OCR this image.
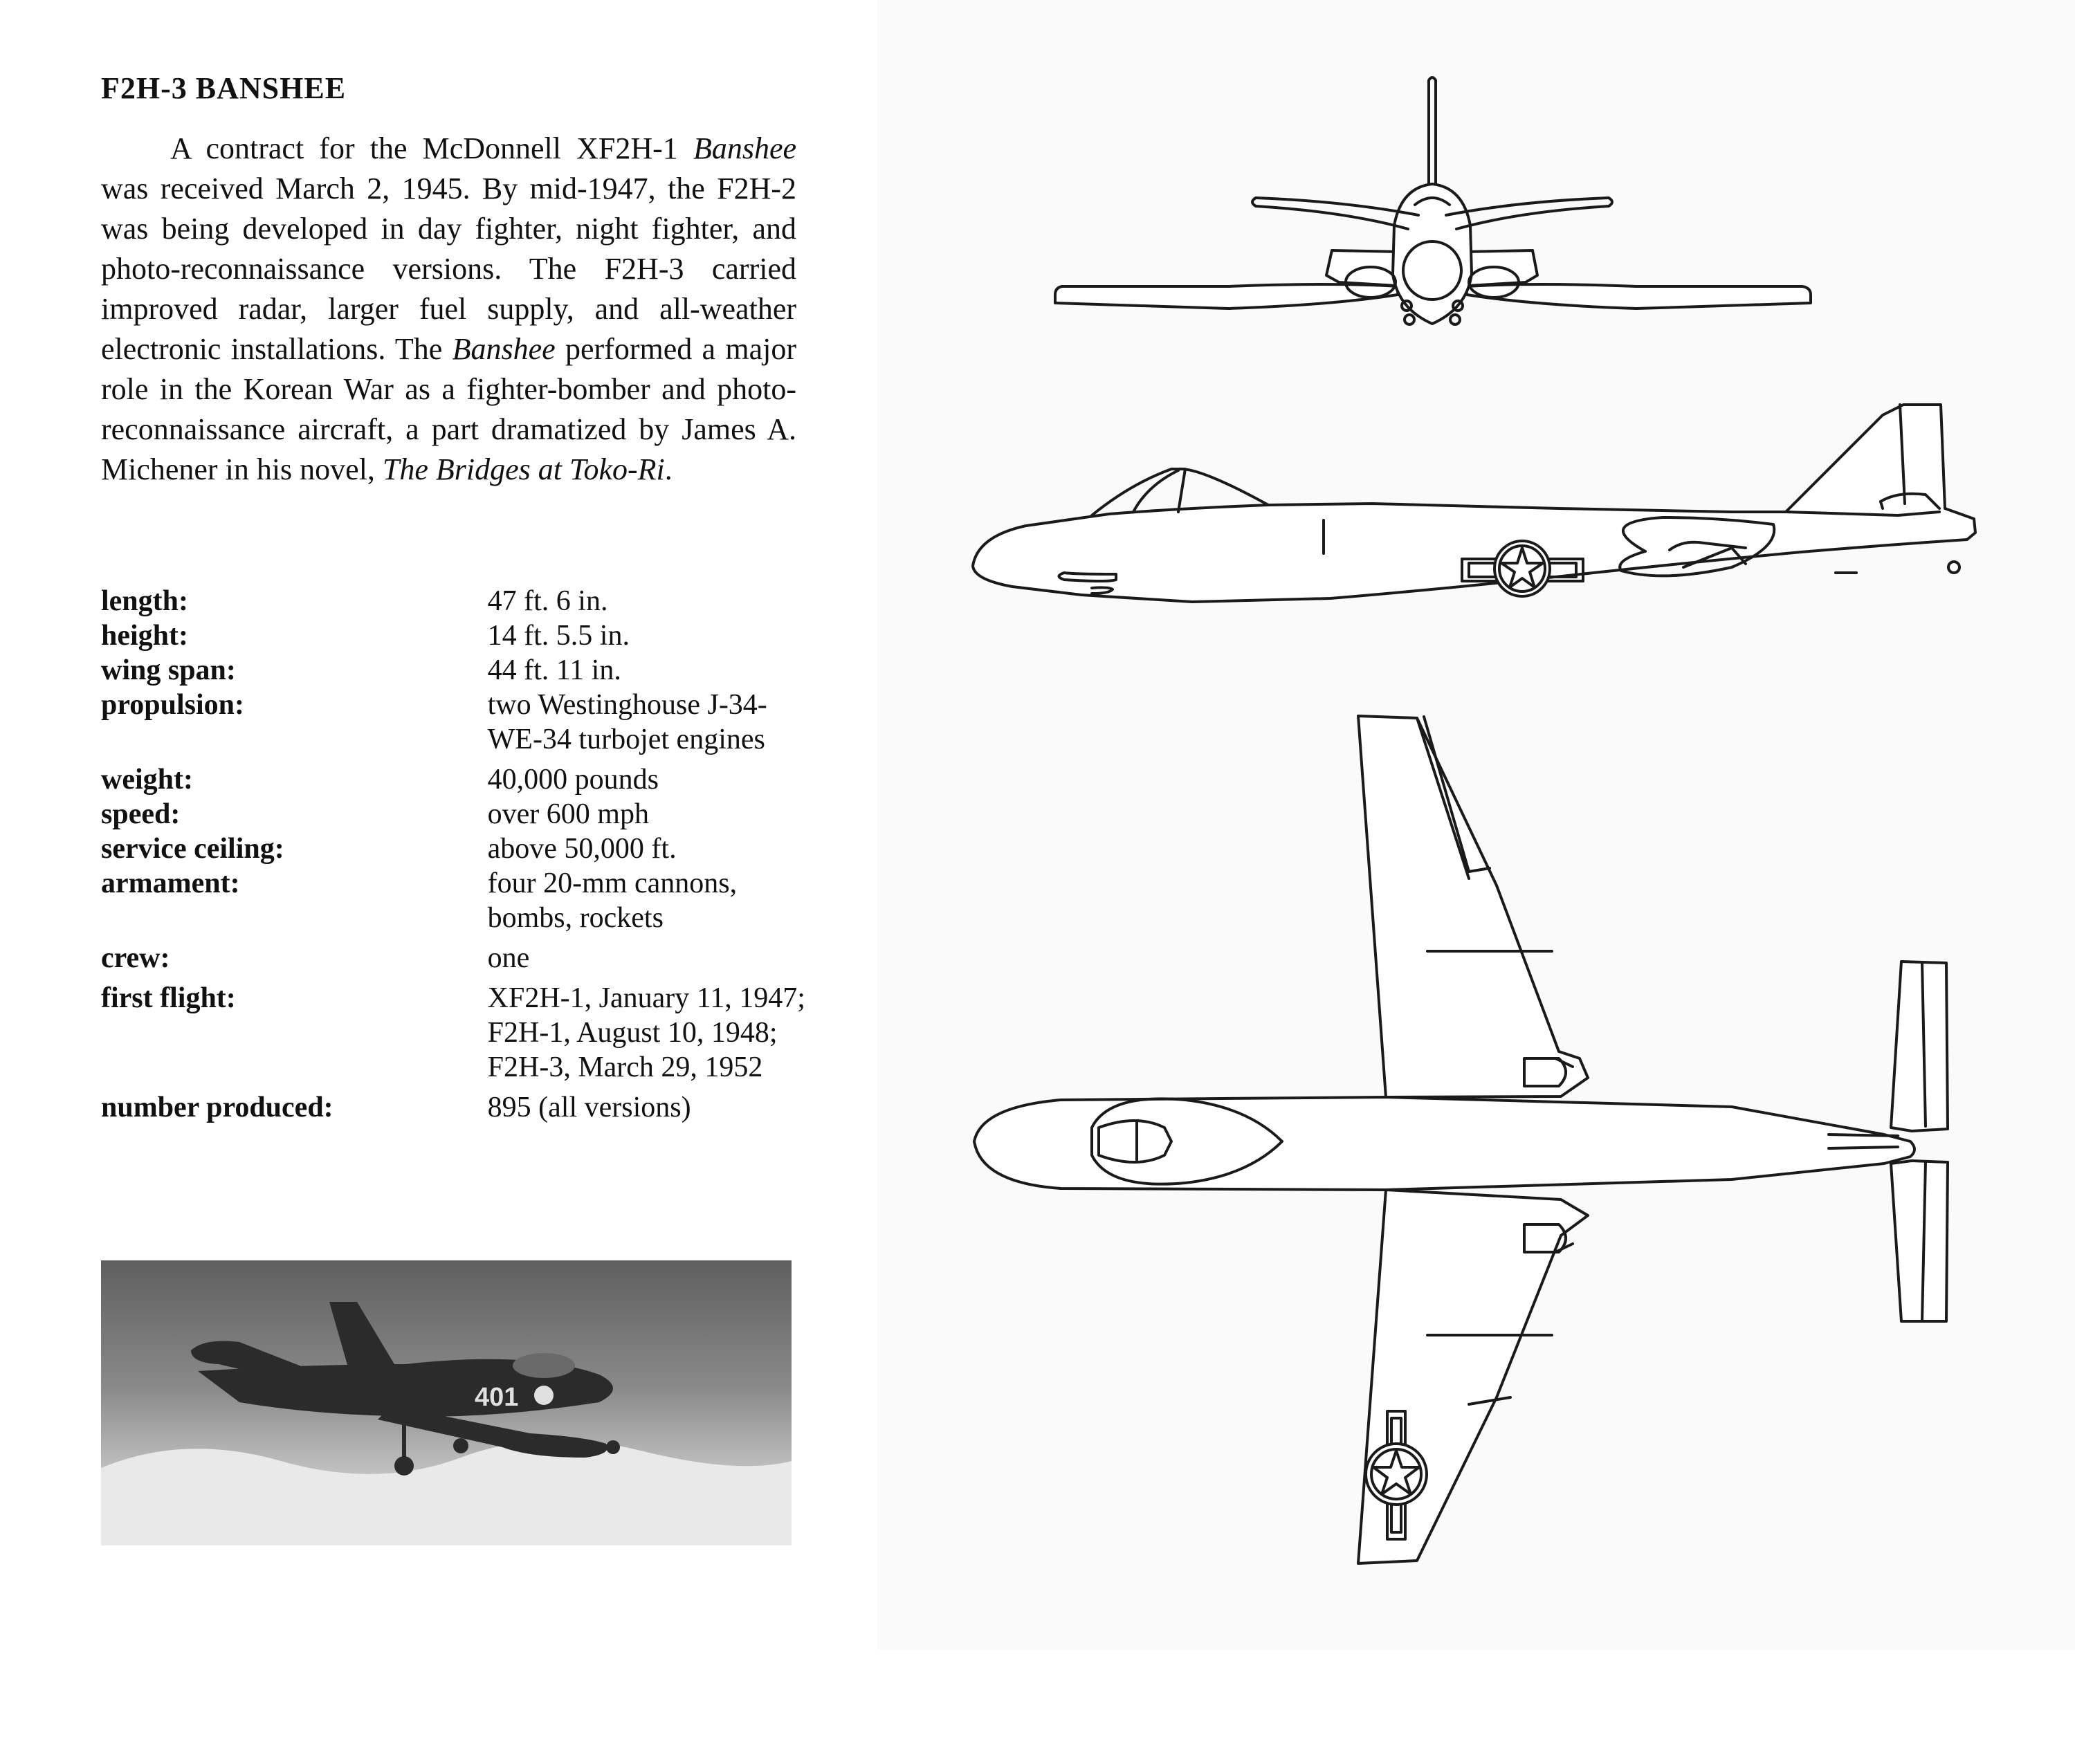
F2H-3 BANSHEE

A contract for the McDonnell XF2H-1 Banshee was received March 2, 1945. By mid-1947, the F2H-2 was being developed in day fighter, night fighter, and photo-reconnaissance versions. The F2H-3 carried improved radar, larger fuel supply, and all-weather electronic installations. The Banshee performed a major role in the Korean War as a fighter-bomber and photo-reconnaissance aircraft, a part dramatized by James A. Michener in his novel, The Bridges at Toko-Ri.

length:	47 ft. 6 in.
height:	14 ft. 5.5 in.
wing span:	44 ft. 11 in.
propulsion:	two Westinghouse J-34-WE-34 turbojet engines
weight:	40,000 pounds
speed:	over 600 mph
service ceiling:	above 50,000 ft.
armament:	four 20-mm cannons, bombs, rockets
crew:	one
first flight:	XF2H-1, January 11, 1947; F2H-1, August 10, 1948; F2H-3, March 29, 1952
number produced:	895 (all versions)
401
